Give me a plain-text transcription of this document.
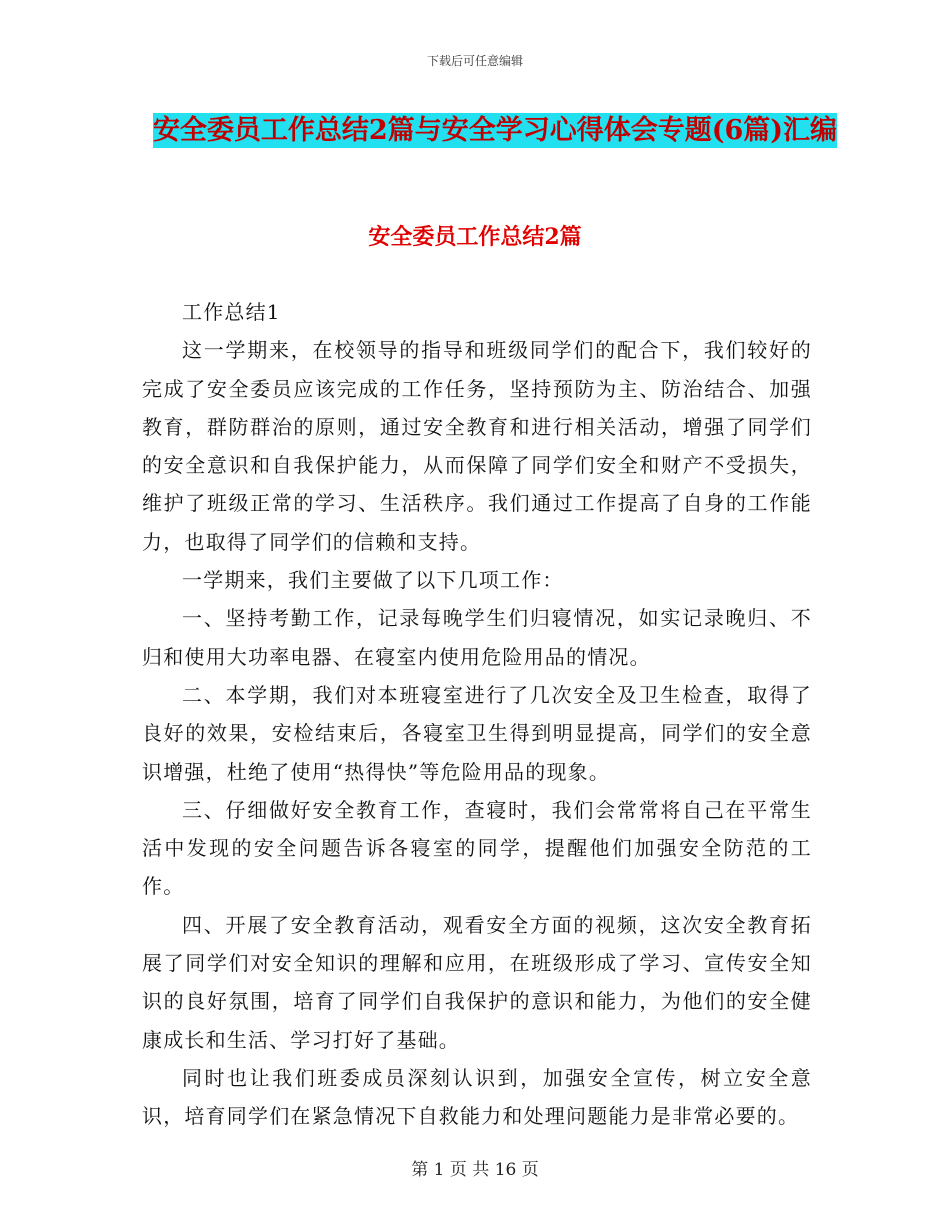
下载后可任意编辑
安全委员工作总结2篇与安全学习心得体会专题(6篇)汇编
安全委员工作总结2篇

工作总结1

这一学期来，在校领导的指导和班级同学们的配合下，我们较好的完成了安全委员应该完成的工作任务，坚持预防为主、防治结合、加强教育，群防群治的原则，通过安全教育和进行相关活动，增强了同学们的安全意识和自我保护能力，从而保障了同学们安全和财产不受损失，维护了班级正常的学习、生活秩序。我们通过工作提高了自身的工作能力，也取得了同学们的信赖和支持。

一学期来，我们主要做了以下几项工作：

一、坚持考勤工作，记录每晚学生们归寝情况，如实记录晚归、不归和使用大功率电器、在寝室内使用危险用品的情况。

二、本学期，我们对本班寝室进行了几次安全及卫生检查，取得了良好的效果，安检结束后，各寝室卫生得到明显提高，同学们的安全意识增强，杜绝了使用“热得快”等危险用品的现象。

三、仔细做好安全教育工作，查寝时，我们会常常将自己在平常生活中发现的安全问题告诉各寝室的同学，提醒他们加强安全防范的工作。

四、开展了安全教育活动，观看安全方面的视频，这次安全教育拓展了同学们对安全知识的理解和应用，在班级形成了学习、宣传安全知识的良好氛围，培育了同学们自我保护的意识和能力，为他们的安全健康成长和生活、学习打好了基础。

同时也让我们班委成员深刻认识到，加强安全宣传，树立安全意识，培育同学们在紧急情况下自救能力和处理问题能力是非常必要的。

第 1 页 共 16 页
